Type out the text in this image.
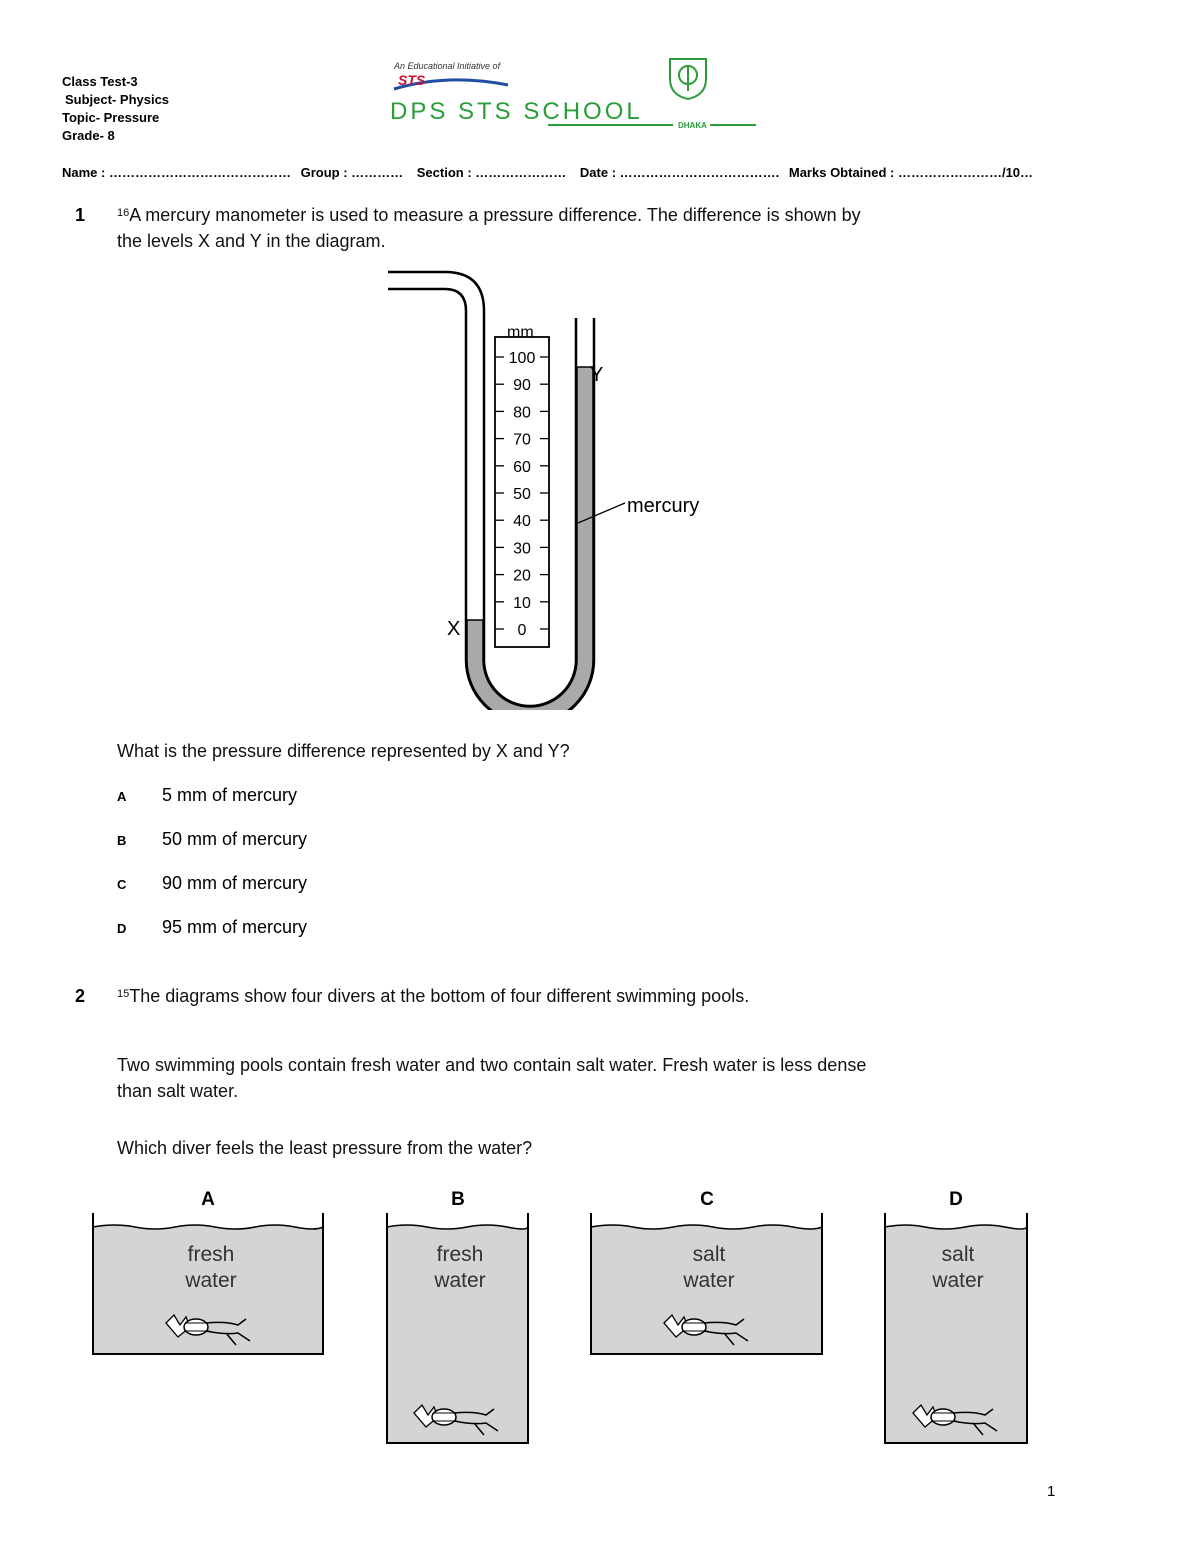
Class Test-3
Subject- Physics
Topic- Pressure
Grade- 8
An Educational Initiative of
STS
DPS STS SCHOOL
DHAKA
Name : …………………………………… Group : ………… Section : ………………… Date : ………………………………. Marks Obtained : ……………………/10…
1	$^{16}$A mercury manometer is used to measure a pressure difference. The difference is shown by
the levels X and Y in the diagram.
mm
100
90
80
70
60
50
40
30
20
10
0
X
Y
mercury
What is the pressure difference represented by X and Y?
A 5 mm of mercury
B 50 mm of mercury
C 90 mm of mercury
D 95 mm of mercury
2	$^{15}$The diagrams show four divers at the bottom of four different swimming pools.
Two swimming pools contain fresh water and two contain salt water. Fresh water is less dense
than salt water.
Which diver feels the least pressure from the water?
A
fresh
water
B
fresh
water
C
salt
water
D
salt
water
1
